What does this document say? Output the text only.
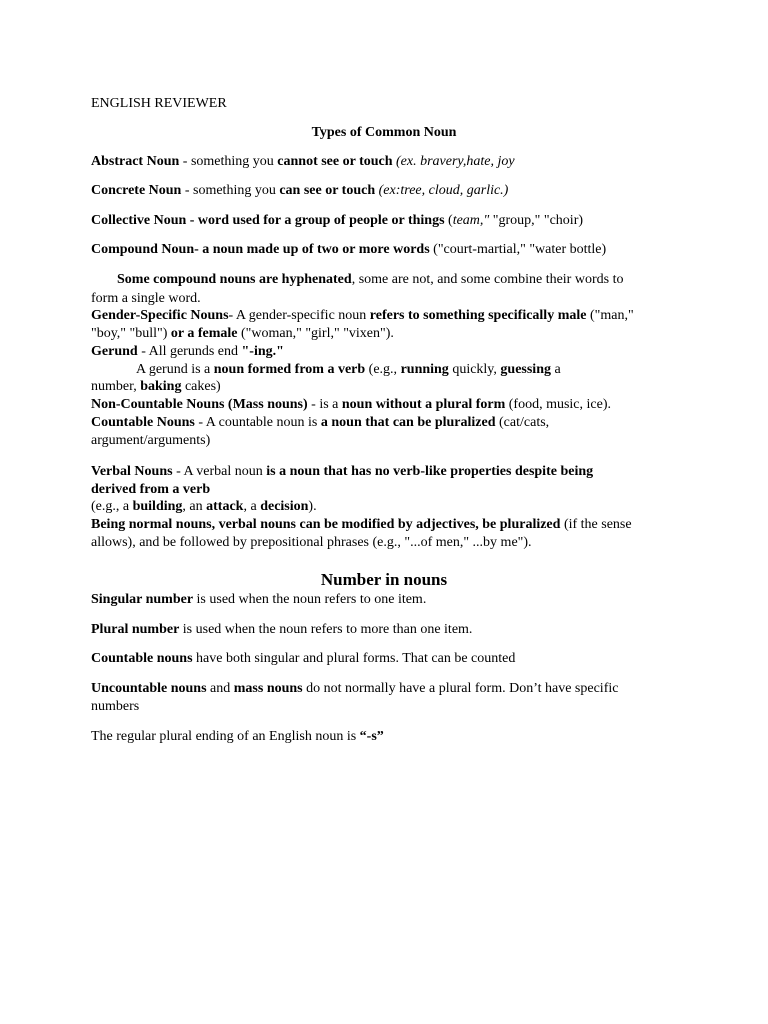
ENGLISH REVIEWER
Types of Common Noun
Abstract Noun - something you cannot see or touch (ex. bravery,hate, joy
Concrete Noun - something you can see or touch (ex:tree, cloud, garlic.)
Collective Noun - word used for a group of people or things (team," "group," "choir)
Compound Noun- a noun made up of two or more words ("court-martial," "water bottle)
Some compound nouns are hyphenated, some are not, and some combine their words to
form a single word.
Gender-Specific Nouns- A gender-specific noun refers to something specifically male ("man,"
"boy," "bull") or a female ("woman," "girl," "vixen").
Gerund - All gerunds end "-ing."
A gerund is a noun formed from a verb (e.g., running quickly, guessing a
number, baking cakes)
Non-Countable Nouns (Mass nouns) - is a noun without a plural form (food, music, ice).
Countable Nouns - A countable noun is a noun that can be pluralized (cat/cats,
argument/arguments)
Verbal Nouns - A verbal noun is a noun that has no verb-like properties despite being
derived from a verb
(e.g., a building, an attack, a decision).
Being normal nouns, verbal nouns can be modified by adjectives, be pluralized (if the sense
allows), and be followed by prepositional phrases (e.g., "...of men," ...by me").
Number in nouns
Singular number is used when the noun refers to one item.
Plural number is used when the noun refers to more than one item.
Countable nouns have both singular and plural forms. That can be counted
Uncountable nouns and mass nouns do not normally have a plural form. Don’t have specific
numbers
The regular plural ending of an English noun is “-s”
